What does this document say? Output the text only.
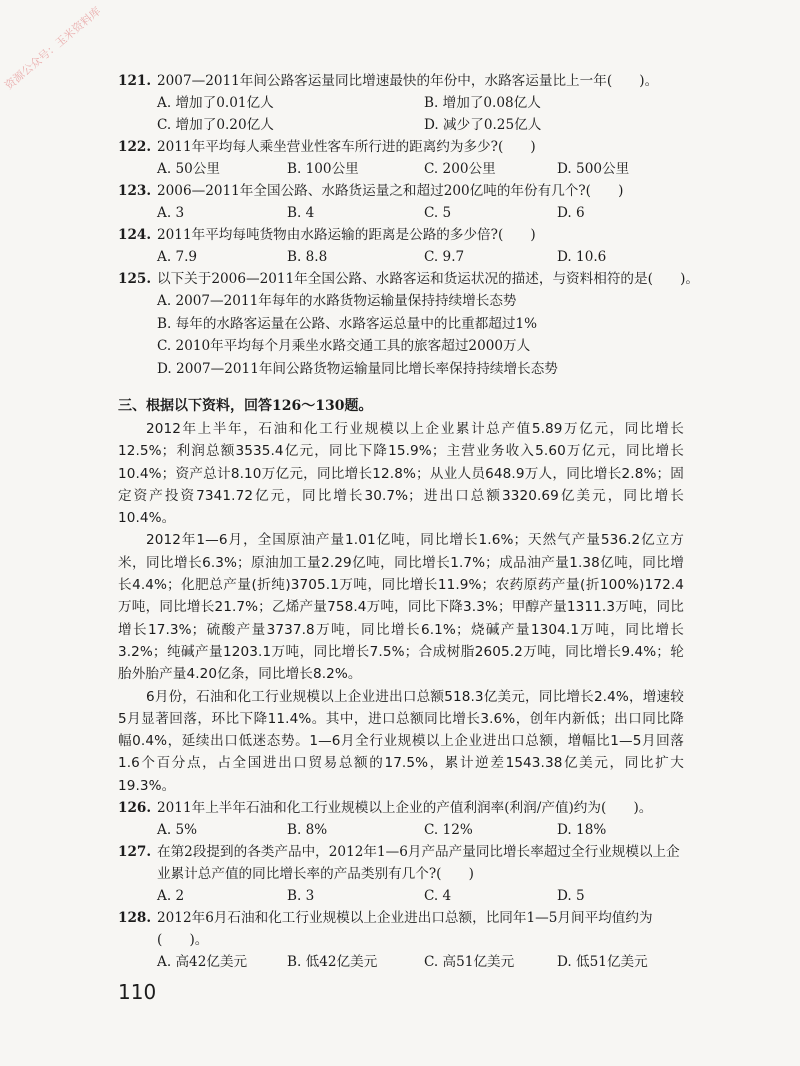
资源公众号：玉米资料库 121. 2007—2011年间公路客运量同比增速最快的年份中，水路客运量比上一年(　　)。
A. 增加了0.01亿人	B. 增加了0.08亿人
C. 增加了0.20亿人	D. 减少了0.25亿人
122. 2011年平均每人乘坐营业性客车所行进的距离约为多少?(　　)
A. 50公里	B. 100公里	C. 200公里	D. 500公里
123. 2006—2011年全国公路、水路货运量之和超过200亿吨的年份有几个?(　　)
A. 3	B. 4	C. 5	D. 6
124. 2011年平均每吨货物由水路运输的距离是公路的多少倍?(　　)
A. 7.9	B. 8.8	C. 9.7	D. 10.6
125. 以下关于2006—2011年全国公路、水路客运和货运状况的描述，与资料相符的是(　　)。
A. 2007—2011年每年的水路货物运输量保持持续增长态势
B. 每年的水路客运量在公路、水路客运总量中的比重都超过1%
C. 2010年平均每个月乘坐水路交通工具的旅客超过2000万人
D. 2007—2011年间公路货物运输量同比增长率保持持续增长态势
三、根据以下资料，回答126～130题。
2012年上半年，石油和化工行业规模以上企业累计总产值5.89万亿元，同比增长12.5%；利润总额3535.4亿元，同比下降15.9%；主营业务收入5.60万亿元，同比增长10.4%；资产总计8.10万亿元，同比增长12.8%；从业人员648.9万人，同比增长2.8%；固定资产投资7341.72亿元，同比增长30.7%；进出口总额3320.69亿美元，同比增长10.4%。
2012年1—6月，全国原油产量1.01亿吨，同比增长1.6%；天然气产量536.2亿立方米，同比增长6.3%；原油加工量2.29亿吨，同比增长1.7%；成品油产量1.38亿吨，同比增长4.4%；化肥总产量(折纯)3705.1万吨，同比增长11.9%；农药原药产量(折100%)172.4万吨，同比增长21.7%；乙烯产量758.4万吨，同比下降3.3%；甲醇产量1311.3万吨，同比增长17.3%；硫酸产量3737.8万吨，同比增长6.1%；烧碱产量1304.1万吨，同比增长3.2%；纯碱产量1203.1万吨，同比增长7.5%；合成树脂2605.2万吨，同比增长9.4%；轮胎外胎产量4.20亿条，同比增长8.2%。
6月份，石油和化工行业规模以上企业进出口总额518.3亿美元，同比增长2.4%，增速较5月显著回落，环比下降11.4%。其中，进口总额同比增长3.6%，创年内新低；出口同比降幅0.4%，延续出口低迷态势。1—6月全行业规模以上企业进出口总额，增幅比1—5月回落1.6个百分点，占全国进出口贸易总额的17.5%，累计逆差1543.38亿美元，同比扩大19.3%。
126. 2011年上半年石油和化工行业规模以上企业的产值利润率(利润/产值)约为(　　)。
A. 5%	B. 8%	C. 12%	D. 18%
127. 在第2段提到的各类产品中，2012年1—6月产品产量同比增长率超过全行业规模以上企业累计总产值的同比增长率的产品类别有几个?(　　)
A. 2	B. 3	C. 4	D. 5
128. 2012年6月石油和化工行业规模以上企业进出口总额，比同年1—5月间平均值约为(　　)。
A. 高42亿美元	B. 低42亿美元	C. 高51亿美元	D. 低51亿美元
110
